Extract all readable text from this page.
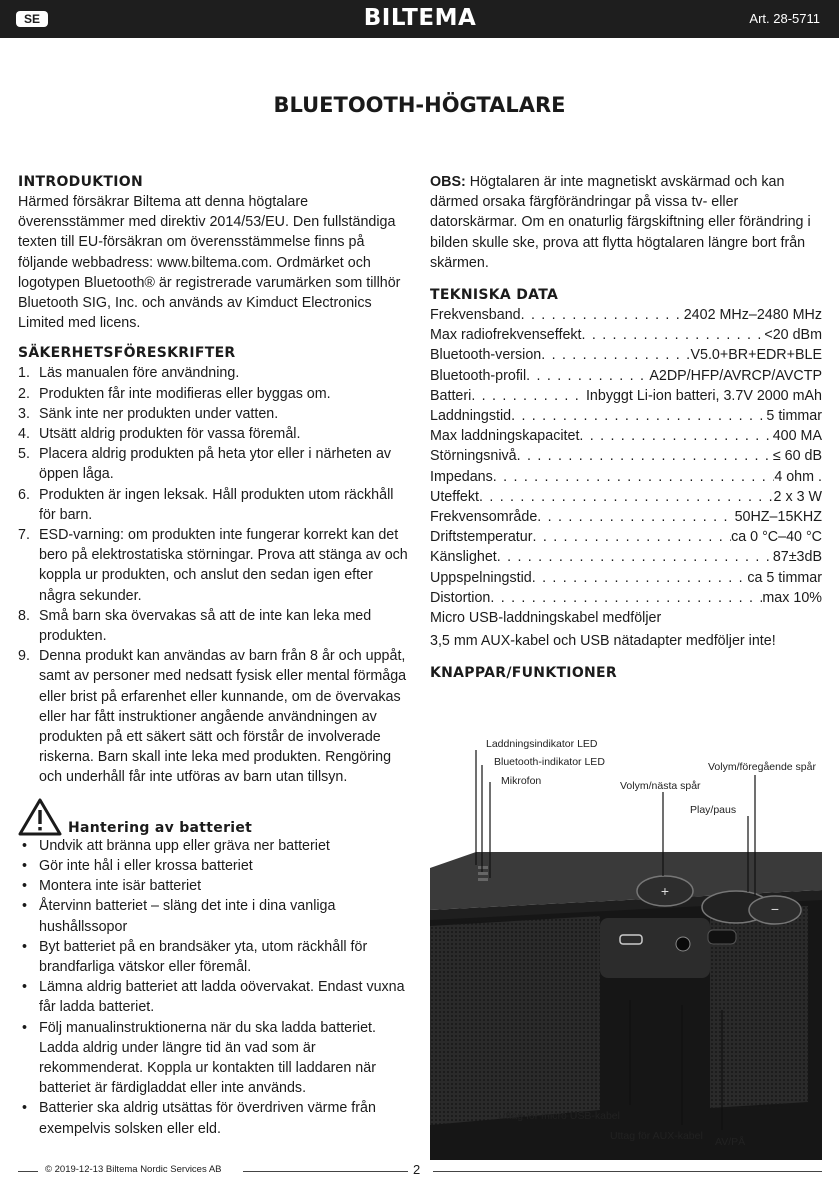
SE	BILTEMA	Art. 28-5711
BLUETOOTH-HÖGTALARE
INTRODUKTION

Härmed försäkrar Biltema att denna högtalare överensstämmer med direktiv 2014/53/EU. Den fullständiga texten till EU-försäkran om överensstämmelse finns på följande webbadress: www.biltema.com. Ordmärket och logotypen Bluetooth® är registrerade varumärken som tillhör Bluetooth SIG, Inc. och används av Kimduct Electronics Limited med licens.

SÄKERHETSFÖRESKRIFTER
1. Läs manualen före användning.
2. Produkten får inte modifieras eller byggas om.
3. Sänk inte ner produkten under vatten.
4. Utsätt aldrig produkten för vassa föremål.
5. Placera aldrig produkten på heta ytor eller i närheten av öppen låga.
6. Produkten är ingen leksak. Håll produkten utom räckhåll för barn.
7. ESD-varning: om produkten inte fungerar korrekt kan det bero på elektrostatiska störningar. Prova att stänga av och koppla ur produkten, och anslut den sedan igen efter några sekunder.
8. Små barn ska övervakas så att de inte kan leka med produkten.
9. Denna produkt kan användas av barn från 8 år och uppåt, samt av personer med nedsatt fysisk eller mental förmåga eller brist på erfarenhet eller kunnande, om de övervakas eller har fått instruktioner angående användningen av produkten på ett säkert sätt och förstår de involverade riskerna. Barn skall inte leka med produkten. Rengöring och underhåll får inte utföras av barn utan tillsyn.
Hantering av batteriet
• Undvik att bränna upp eller gräva ner batteriet
• Gör inte hål i eller krossa batteriet
• Montera inte isär batteriet
• Återvinn batteriet – släng det inte i dina vanliga hushållssopor
• Byt batteriet på en brandsäker yta, utom räckhåll för brandfarliga vätskor eller föremål.
• Lämna aldrig batteriet att ladda oövervakat. Endast vuxna får ladda batteriet.
• Följ manualinstruktionerna när du ska ladda batteriet. Ladda aldrig under längre tid än vad som är rekommenderat. Koppla ur kontakten till laddaren när batteriet är färdigladdat eller inte används.
• Batterier ska aldrig utsättas för överdriven värme från exempelvis solsken eller eld.

OBS: Högtalaren är inte magnetiskt avskärmad och kan därmed orsaka färgförändringar på vissa tv- eller datorskärmar. Om en onaturlig färgskiftning eller förändring i bilden skulle ske, prova att flytta högtalaren längre bort från skärmen.

TEKNISKA DATA
Frekvensband . . .	2402 MHz–2480 MHz
Max radiofrekvenseffekt . . .	<20 dBm
Bluetooth-version . . .	V5.0+BR+EDR+BLE
Bluetooth-profil . . .	A2DP/HFP/AVRCP/AVCTP
Batteri . . .	Inbyggt Li-ion batteri, 3.7V 2000 mAh
Laddningstid . . .	5 timmar
Max laddningskapacitet . . .	400 MA
Störningsnivå . . .	≤ 60 dB
Impedans . . .	4 ohm .
Uteffekt . . .	2 x 3 W
Frekvensområde . . .	50HZ–15KHZ
Driftstemperatur . . .	ca 0 °C–40 °C
Känslighet . . .	87±3dB
Uppspelningstid . . .	ca 5 timmar
Distortion . . .	max 10%

Micro USB-laddningskabel medföljer

3,5 mm AUX-kabel och USB nätadapter medföljer inte!

KNAPPAR/FUNKTIONER
+
−
Laddningsindikator LED
Bluetooth-indikator LED
Mikrofon	Volym/nästa spår
Volym/föregående spår
Play/paus
Uttag för micro USB-kabel
Uttag för AUX-kabel AV/PÅ
© 2019-12-13 Biltema Nordic Services AB	2
